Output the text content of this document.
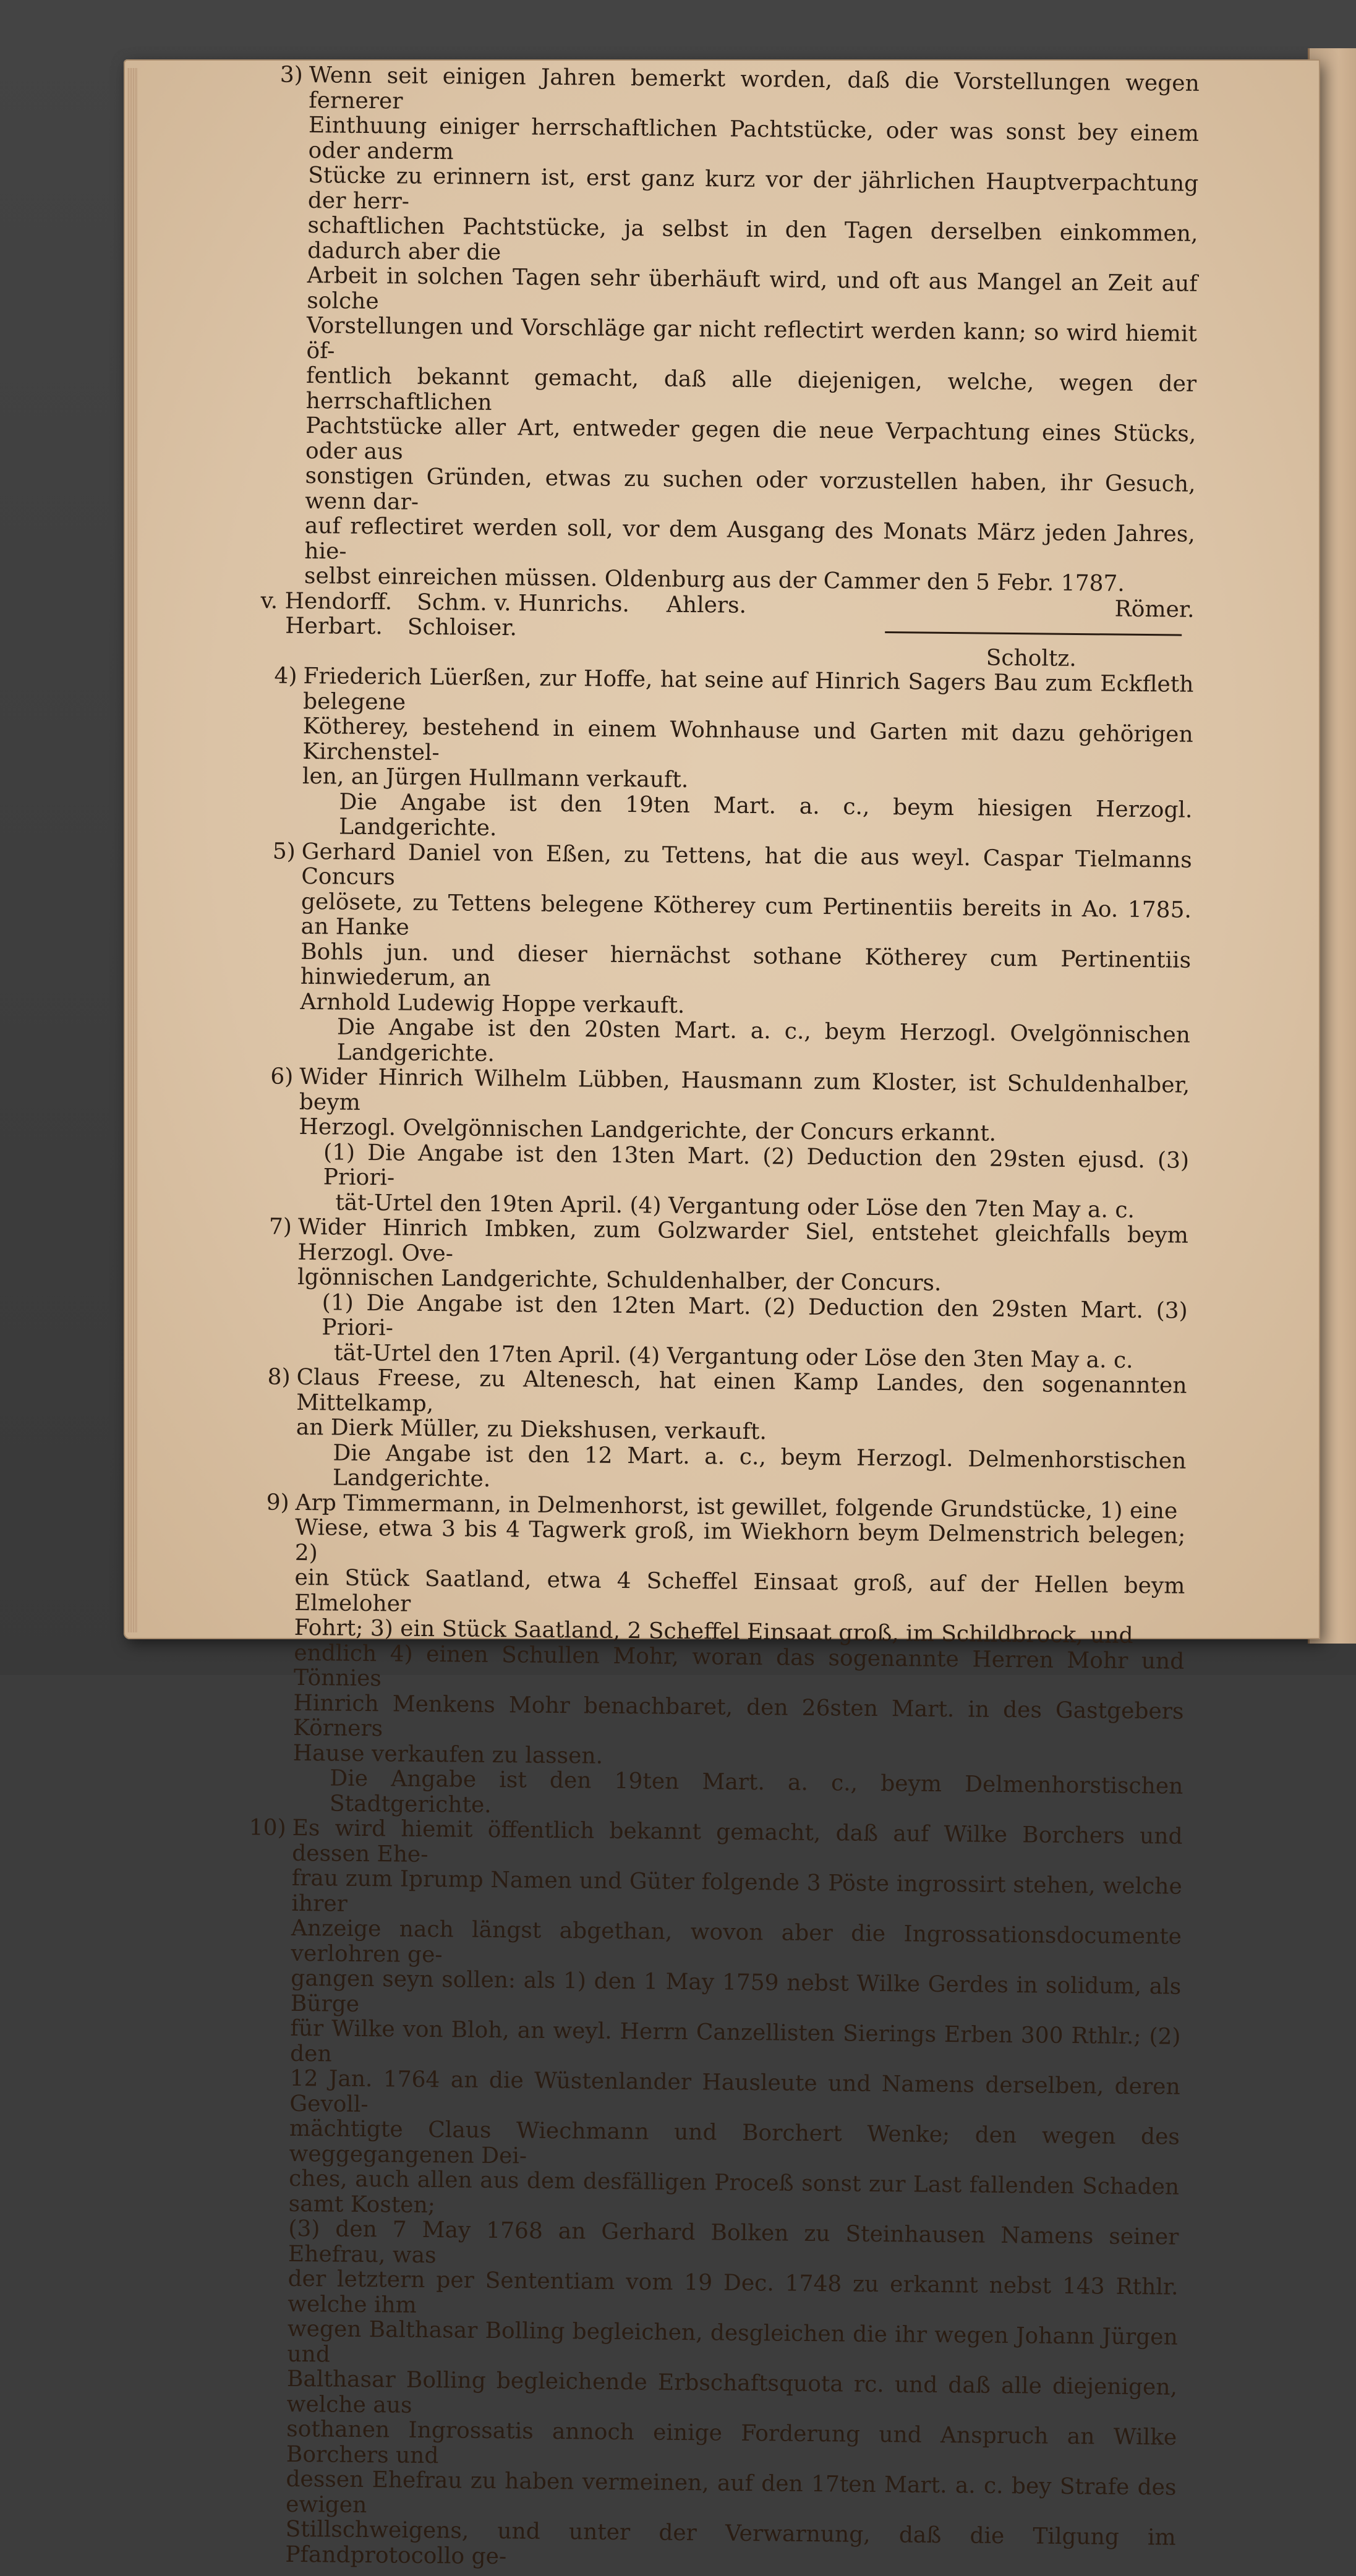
3) Wenn seit einigen Jahren bemerkt worden, daß die Vorstellungen wegen fernerer

Einthuung einiger herrschaftlichen Pachtstücke, oder was sonst bey einem oder anderm

Stücke zu erinnern ist, erst ganz kurz vor der jährlichen Hauptverpachtung der herr-

schaftlichen Pachtstücke, ja selbst in den Tagen derselben einkommen, dadurch aber die

Arbeit in solchen Tagen sehr überhäuft wird, und oft aus Mangel an Zeit auf solche

Vorstellungen und Vorschläge gar nicht reflectirt werden kann; so wird hiemit öf-

fentlich bekannt gemacht, daß alle diejenigen, welche, wegen der herrschaftlichen

Pachtstücke aller Art, entweder gegen die neue Verpachtung eines Stücks, oder aus

sonstigen Gründen, etwas zu suchen oder vorzustellen haben, ihr Gesuch, wenn dar-

auf reflectiret werden soll, vor dem Ausgang des Monats März jeden Jahres, hie-

selbst einreichen müssen. Oldenburg aus der Cammer den 5 Febr. 1787.

v. Hendorff. Schm. v. Hunrichs. Ahlers.	Römer.
Herbart. Schloiser.

Scholtz.

4) Friederich Lüerßen, zur Hoffe, hat seine auf Hinrich Sagers Bau zum Eckfleth belegene

Kötherey, bestehend in einem Wohnhause und Garten mit dazu gehörigen Kirchenstel-

len, an Jürgen Hullmann verkauft.

Die Angabe ist den 19ten Mart. a. c., beym hiesigen Herzogl. Landgerichte.

5) Gerhard Daniel von Eßen, zu Tettens, hat die aus weyl. Caspar Tielmanns Concurs

gelösete, zu Tettens belegene Kötherey cum Pertinentiis bereits in Ao. 1785. an Hanke

Bohls jun. und dieser hiernächst sothane Kötherey cum Pertinentiis hinwiederum, an

Arnhold Ludewig Hoppe verkauft.

Die Angabe ist den 20sten Mart. a. c., beym Herzogl. Ovelgönnischen Landgerichte.

6) Wider Hinrich Wilhelm Lübben, Hausmann zum Kloster, ist Schuldenhalber, beym

Herzogl. Ovelgönnischen Landgerichte, der Concurs erkannt.

(1) Die Angabe ist den 13ten Mart. (2) Deduction den 29sten ejusd. (3) Priori-

tät-Urtel den 19ten April. (4) Vergantung oder Löse den 7ten May a. c.

7) Wider Hinrich Imbken, zum Golzwarder Siel, entstehet gleichfalls beym Herzogl. Ove-

lgönnischen Landgerichte, Schuldenhalber, der Concurs.

(1) Die Angabe ist den 12ten Mart. (2) Deduction den 29sten Mart. (3) Priori-

tät-Urtel den 17ten April. (4) Vergantung oder Löse den 3ten May a. c.

8) Claus Freese, zu Altenesch, hat einen Kamp Landes, den sogenannten Mittelkamp,

an Dierk Müller, zu Diekshusen, verkauft.

Die Angabe ist den 12 Mart. a. c., beym Herzogl. Delmenhorstischen Landgerichte.

9) Arp Timmermann, in Delmenhorst, ist gewillet, folgende Grundstücke, 1) eine

Wiese, etwa 3 bis 4 Tagwerk groß, im Wiekhorn beym Delmenstrich belegen; 2)

ein Stück Saatland, etwa 4 Scheffel Einsaat groß, auf der Hellen beym Elmeloher

Fohrt; 3) ein Stück Saatland, 2 Scheffel Einsaat groß, im Schildbrock, und

endlich 4) einen Schullen Mohr, woran das sogenannte Herren Mohr und Tönnies

Hinrich Menkens Mohr benachbaret, den 26sten Mart. in des Gastgebers Körners

Hause verkaufen zu lassen.

Die Angabe ist den 19ten Mart. a. c., beym Delmenhorstischen Stadtgerichte.

10) Es wird hiemit öffentlich bekannt gemacht, daß auf Wilke Borchers und dessen Ehe-

frau zum Iprump Namen und Güter folgende 3 Pöste ingrossirt stehen, welche ihrer

Anzeige nach längst abgethan, wovon aber die Ingrossationsdocumente verlohren ge-

gangen seyn sollen: als 1) den 1 May 1759 nebst Wilke Gerdes in solidum, als Bürge

für Wilke von Bloh, an weyl. Herrn Canzellisten Sierings Erben 300 Rthlr.; (2) den

12 Jan. 1764 an die Wüstenlander Hausleute und Namens derselben, deren Gevoll-

mächtigte Claus Wiechmann und Borchert Wenke; den wegen des weggegangenen Dei-

ches, auch allen aus dem desfälligen Proceß sonst zur Last fallenden Schaden samt Kosten;

(3) den 7 May 1768 an Gerhard Bolken zu Steinhausen Namens seiner Ehefrau, was

der letztern per Sententiam vom 19 Dec. 1748 zu erkannt nebst 143 Rthlr. welche ihm

wegen Balthasar Bolling begleichen, desgleichen die ihr wegen Johann Jürgen und

Balthasar Bolling begleichende Erbschaftsquota rc. und daß alle diejenigen, welche aus

sothanen Ingrossatis annoch einige Forderung und Anspruch an Wilke Borchers und

dessen Ehefrau zu haben vermeinen, auf den 17ten Mart. a. c. bey Strafe des ewigen

Stillschweigens, und unter der Verwarnung, daß die Tilgung im Pfandprotocollo ge-
